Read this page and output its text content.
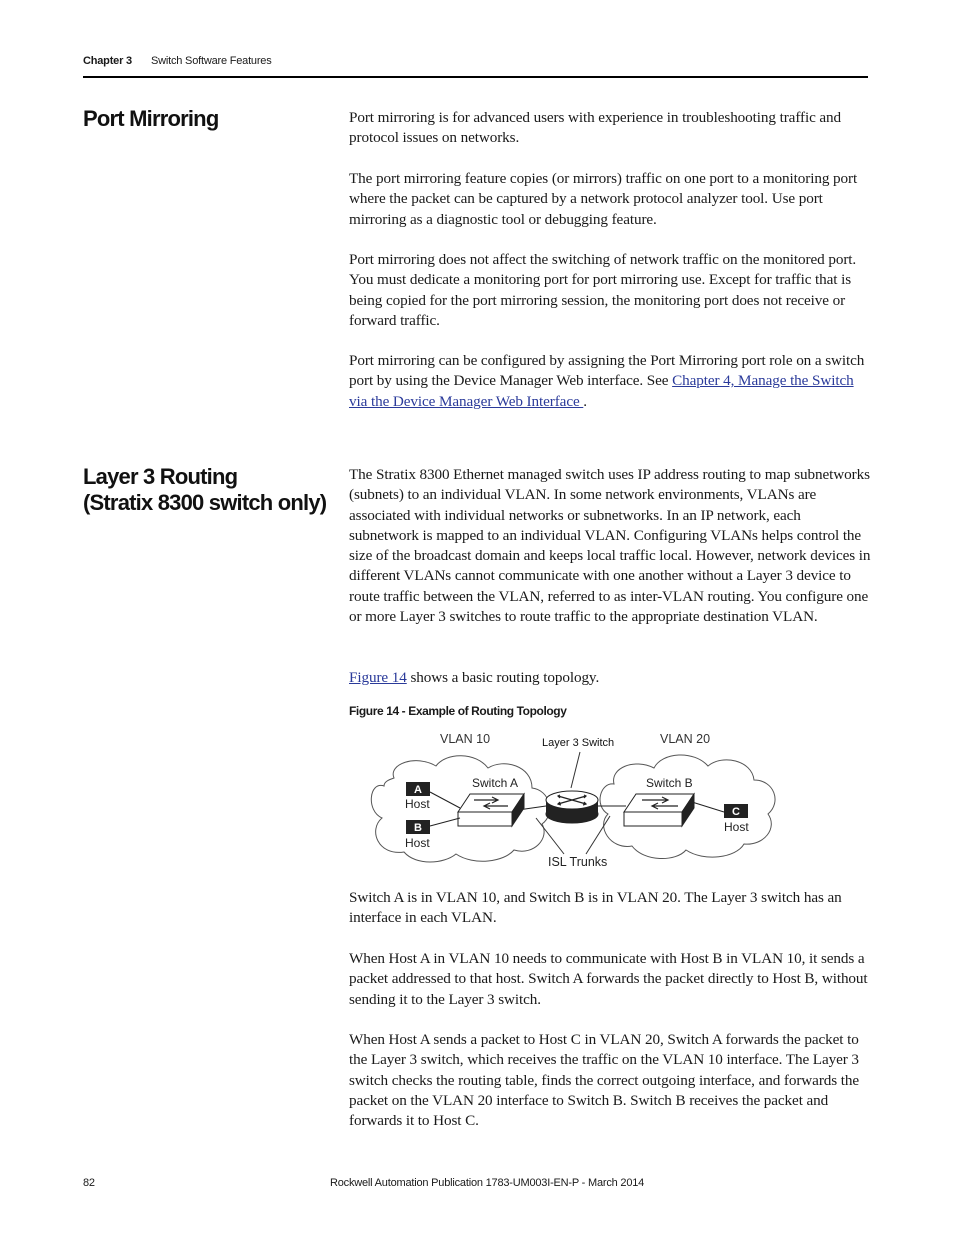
Chapter 3 Switch Software Features
Port Mirroring	Port mirroring is for advanced users with experience in troubleshooting traffic and protocol issues on networks.

The port mirroring feature copies (or mirrors) traffic on one port to a monitoring port where the packet can be captured by a network protocol analyzer tool. Use port mirroring as a diagnostic tool or debugging feature.

Port mirroring does not affect the switching of network traffic on the monitored port. You must dedicate a monitoring port for port mirroring use. Except for traffic that is being copied for the port mirroring session, the monitoring port does not receive or forward traffic.

Port mirroring can be configured by assigning the Port Mirroring port role on a switch port by using the Device Manager Web interface. See Chapter 4, Manage the Switch via the Device Manager Web Interface .

Layer 3 Routing
(Stratix 8300 switch only)

The Stratix 8300 Ethernet managed switch uses IP address routing to map subnetworks (subnets) to an individual VLAN. In some network environments, VLANs are associated with individual networks or subnetworks. In an IP network, each subnetwork is mapped to an individual VLAN. Configuring VLANs helps control the size of the broadcast domain and keeps local traffic local. However, network devices in different VLANs cannot communicate with one another without a Layer 3 device to route traffic between the VLAN, referred to as inter-VLAN routing. You configure one or more Layer 3 switches to route traffic to the appropriate destination VLAN.

Figure 14 shows a basic routing topology.

Figure 14 - Example of Routing Topology
VLAN 10	Layer 3 Switch	VLAN 20
Switch A	Switch B
A
Host
B
Host
C
Host
ISL Trunks

Switch A is in VLAN 10, and Switch B is in VLAN 20. The Layer 3 switch has an interface in each VLAN.

When Host A in VLAN 10 needs to communicate with Host B in VLAN 10, it sends a packet addressed to that host. Switch A forwards the packet directly to Host B, without sending it to the Layer 3 switch.

When Host A sends a packet to Host C in VLAN 20, Switch A forwards the packet to the Layer 3 switch, which receives the traffic on the VLAN 10 interface. The Layer 3 switch checks the routing table, finds the correct outgoing interface, and forwards the packet on the VLAN 20 interface to Switch B. Switch B receives the packet and forwards it to Host C.

82	Rockwell Automation Publication 1783-UM003I-EN-P - March 2014
